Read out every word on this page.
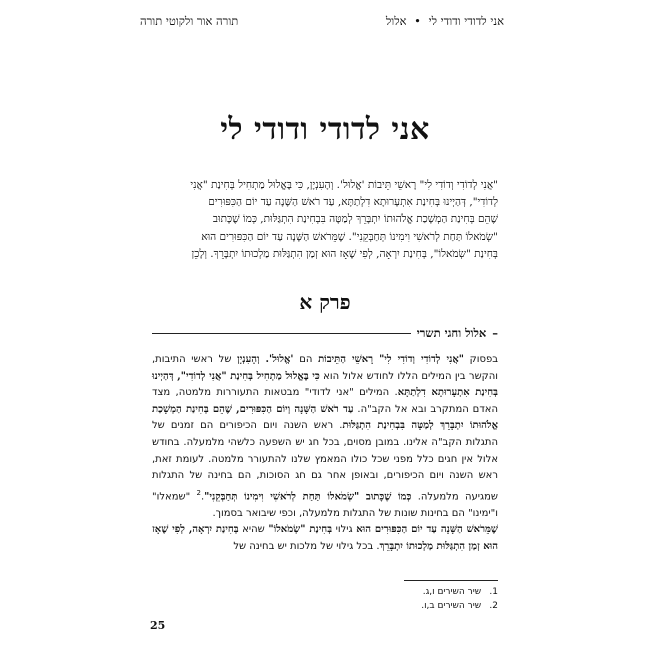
אני לדודי ודודי לי • אלול
תורה אור ולקוטי תורה
אני לדודי ודודי לי
"אֲנִי לְדוֹדִי וְדוֹדִי לִי" רָאשֵׁי תֵּיבוֹת 'אֱלוּל'. וְהָעִנְיָן, כִּי בֶּאֱלוּל מַתְחִיל בְּחִינַת "אֲנִי
לְדוֹדִי", דְּהַיְינוּ בְּחִינַת אִתְעָרוּתָא דִלְתַתָּא, עַד רֹאשׁ הַשָּׁנָה עַד יוֹם הַכִּפּוּרִים
שֶׁהֵם בְּחִינַת הַמְשָׁכַת אֱלֹהוּתוֹ יִתְבָּרֵךְ לְמַטָּה בִּבְחִינַת הִתְגַּלּוּת, כְּמוֹ שֶׁכָּתוּב
"שְׂמֹאלוֹ תַּחַת לְרֹאשִׁי וִימִינוֹ תְּחַבְּקֵנִי". שֶׁמֵּרֹאשׁ הַשָּׁנָה עַד יוֹם הַכִּפּוּרִים הוּא
בְּחִינַת "שְׂמֹאלוֹ", בְּחִינַת יִרְאָה, לְפִי שֶׁאָז הוּא זְמַן הִתְגַּלּוּת מַלְכוּתוֹ יִתְבָּרֵךְ. וְלָכֵן
פרק א
–
אלול וחגי תשרי

בפסוק "אֲנִי לְדוֹדִי וְדוֹדִי לִי" רָאשֵׁי הַתֵּיבוֹת הם 'אֱלוּל'. וְהָעִנְיָן של ראשי התיבות, והקשר בין המילים הללו לחודש אלול הוא כִּי בֶּאֱלוּל מַתְחִיל בְּחִינַת "אֲנִי לְדוֹדִי", דְּהַיְינוּ בְּחִינַת אִתְעָרוּתָא דִלְתַתָּא. המילים "אני לדודי" מבטאות התעוררות מלמטה, מצד האדם המתקרב ובא אל הקב"ה. עַד רֹאשׁ הַשָּׁנָה וְיוֹם הַכִּפּוּרִים, שֶׁהֵם בְּחִינַת הַמְשָׁכַת אֱלֹהוּתוֹ יִתְבָּרֵךְ לְמַטָּה בִּבְחִינַת הִתְגַּלּוּת. ראש השנה ויום הכיפורים הם זמנים של התגלות הקב"ה אלינו. במובן מסוים, בכל חג יש השפעה כלשהי מלמעלה. בחודש אלול אין חגים כלל מפני שכל כולו המאמץ שלנו להתעורר מלמטה. לעומת זאת, ראש השנה ויום הכיפורים, ובאופן אחר גם חג הסוכות, הם בחינה של התגלות שמגיעה מלמעלה. כְּמוֹ שֶׁכָּתוּב "שְׂמֹאלוֹ תַּחַת לְרֹאשִׁי וִימִינוֹ תְּחַבְּקֵנִי".$^2$ "שמאלו" ו"ימינו" הם בחינות שונות של התגלות מלמעלה, וכפי שיבואר בסמוך.

שֶׁמֵּרֹאשׁ הַשָּׁנָה עַד יוֹם הַכִּפּוּרִים הוּא גילוי בְּחִינַת "שְׂמֹאלוֹ" שהיא בְּחִינַת יִרְאָה, לְפִי שֶׁאָז הוּא זְמַן הִתְגַּלּוּת מַלְכוּתוֹ יִתְבָּרֵךְ. בכל גילוי של מלכות יש בחינה של

1. שיר השירים ו,ג.
2. שיר השירים ב,ו.
25
